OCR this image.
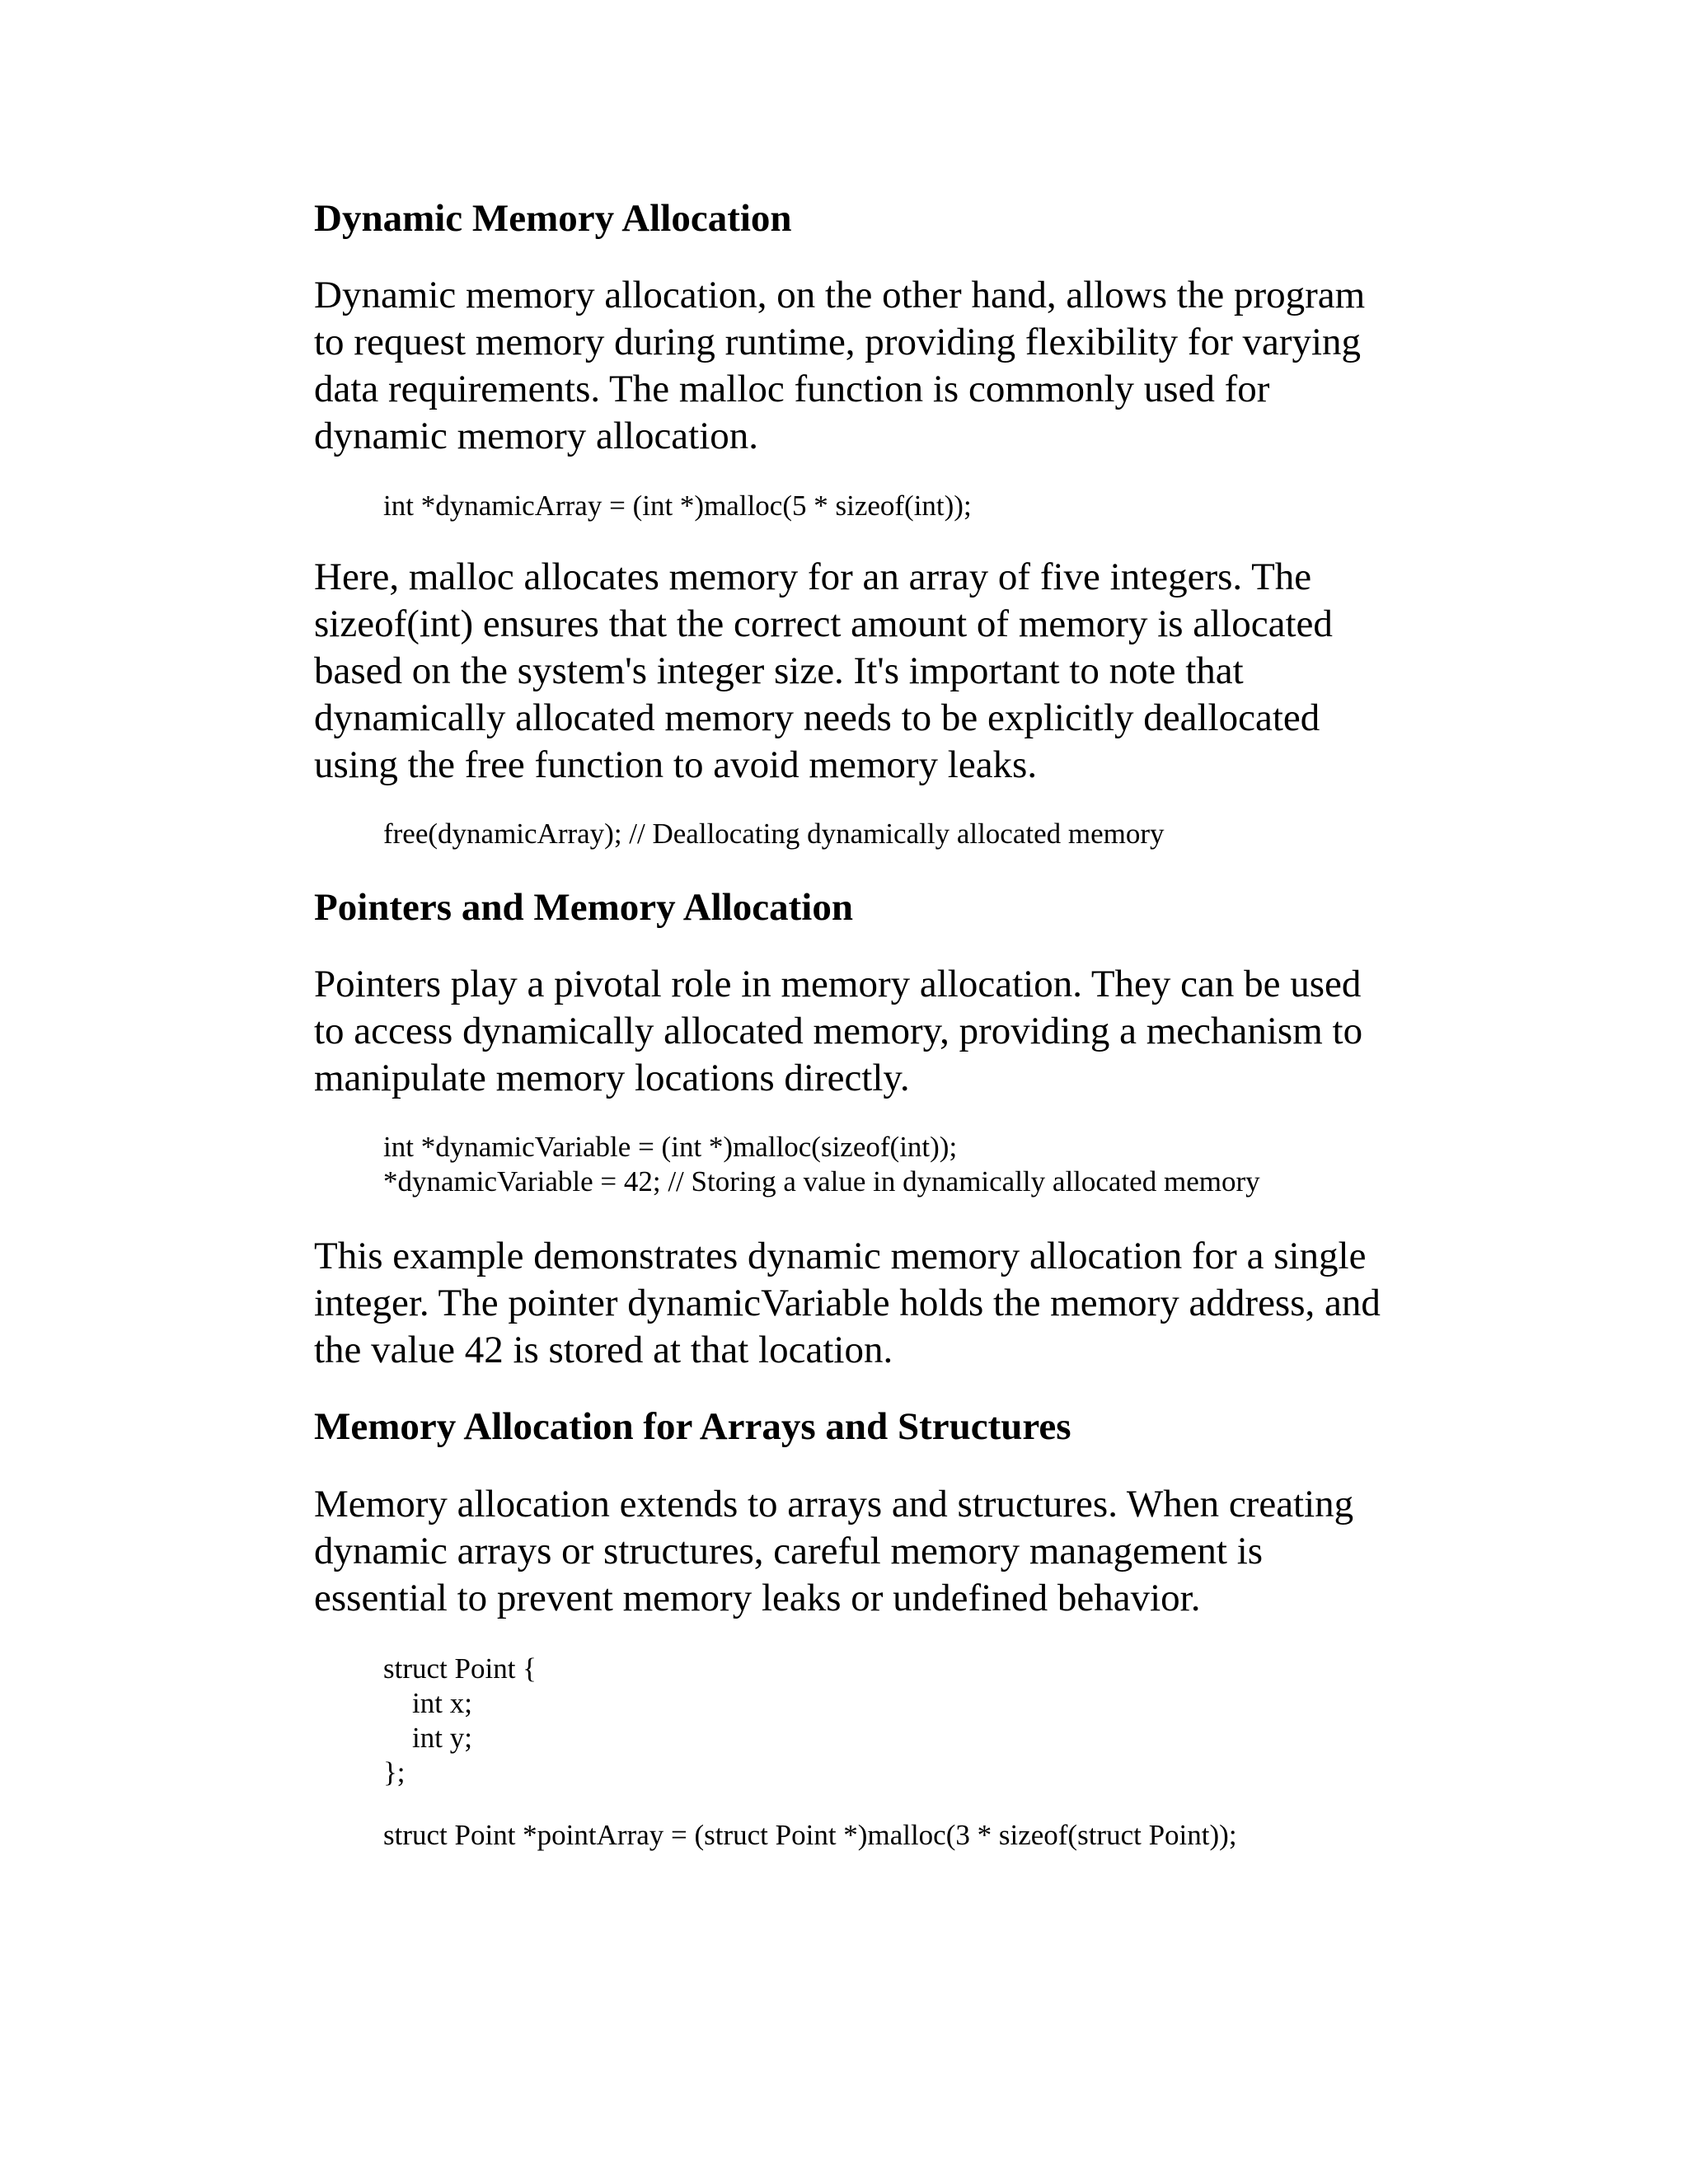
Dynamic Memory Allocation

Dynamic memory allocation, on the other hand, allows the program
to request memory during runtime, providing flexibility for varying
data requirements. The malloc function is commonly used for
dynamic memory allocation.

int *dynamicArray = (int *)malloc(5 * sizeof(int));

Here, malloc allocates memory for an array of five integers. The
sizeof(int) ensures that the correct amount of memory is allocated
based on the system's integer size. It's important to note that
dynamically allocated memory needs to be explicitly deallocated
using the free function to avoid memory leaks.

free(dynamicArray); // Deallocating dynamically allocated memory
Pointers and Memory Allocation

Pointers play a pivotal role in memory allocation. They can be used
to access dynamically allocated memory, providing a mechanism to
manipulate memory locations directly.

int *dynamicVariable = (int *)malloc(sizeof(int));
*dynamicVariable = 42; // Storing a value in dynamically allocated memory

This example demonstrates dynamic memory allocation for a single
integer. The pointer dynamicVariable holds the memory address, and
the value 42 is stored at that location.

Memory Allocation for Arrays and Structures

Memory allocation extends to arrays and structures. When creating
dynamic arrays or structures, careful memory management is
essential to prevent memory leaks or undefined behavior.

struct Point {
int x;
int y;
};
struct Point *pointArray = (struct Point *)malloc(3 * sizeof(struct Point));
